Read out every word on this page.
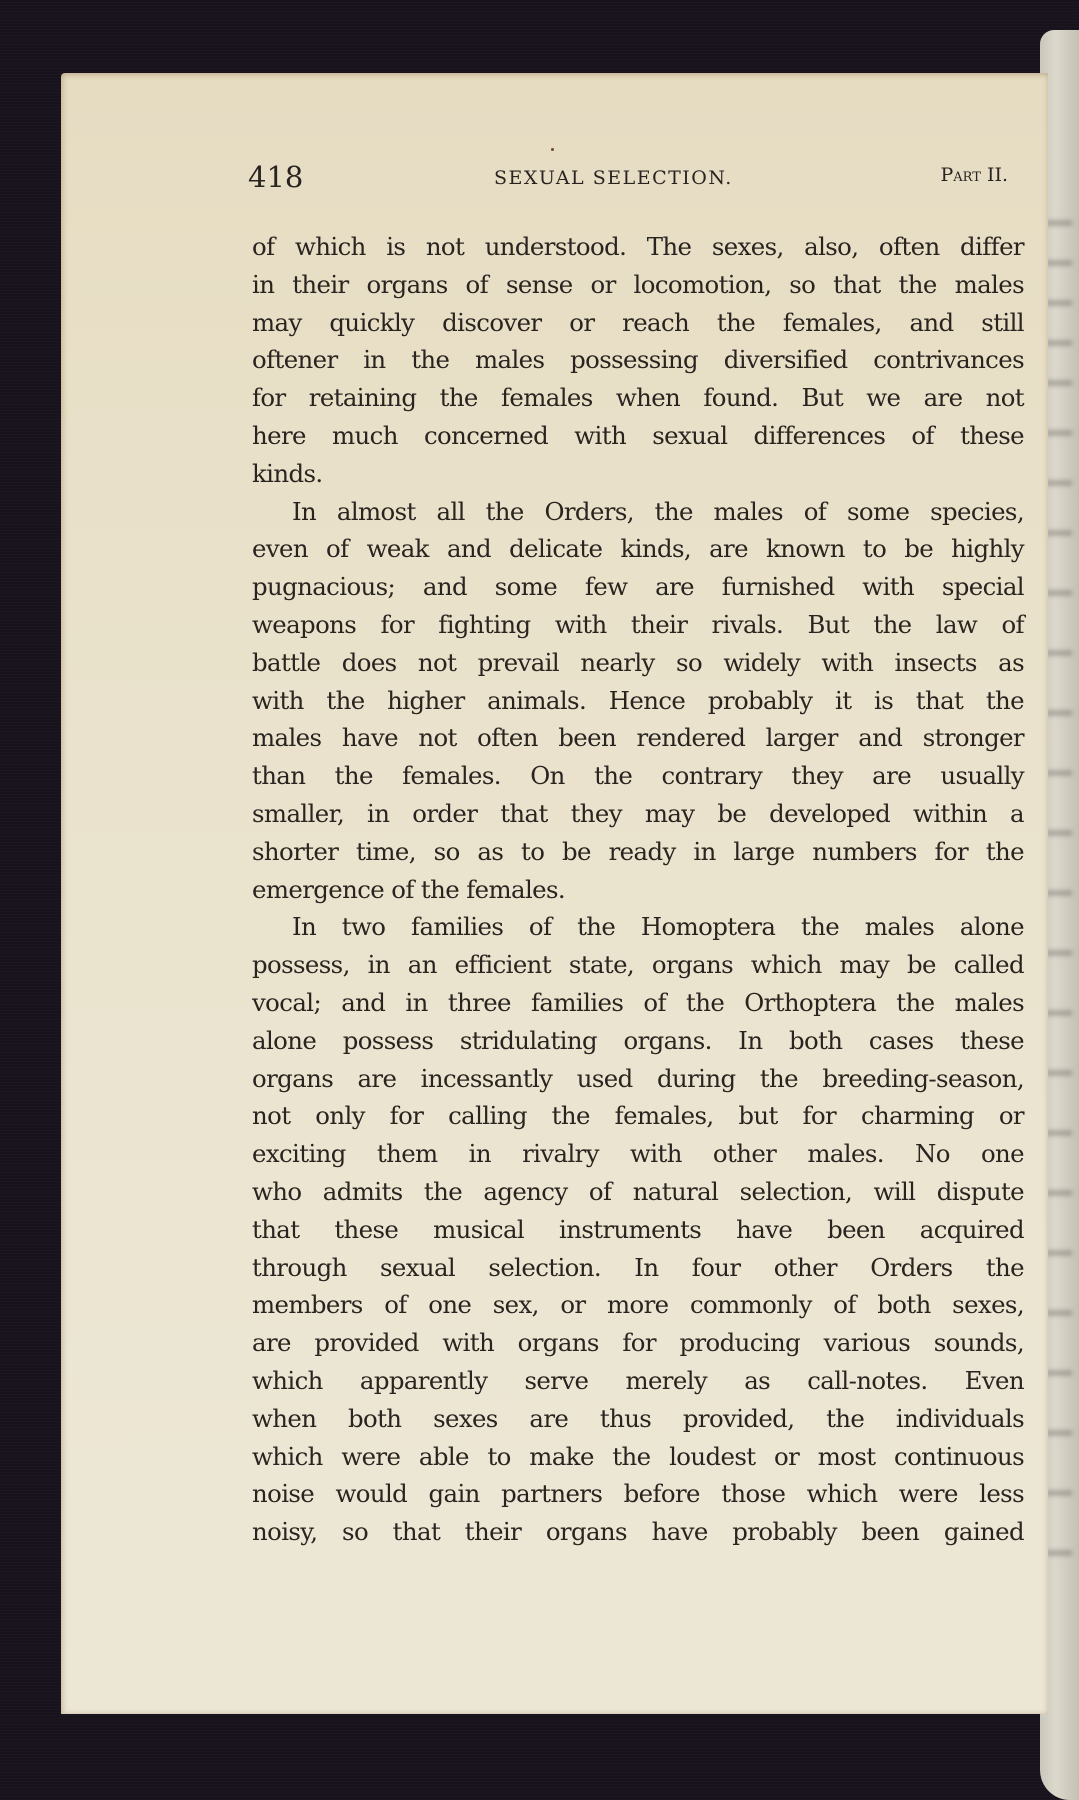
418	SEXUAL SELECTION.	Part II.
of which is not understood. The sexes, also, often differ
in their organs of sense or locomotion, so that the males
may quickly discover or reach the females, and still
oftener in the males possessing diversified contrivances
for retaining the females when found. But we are not
here much concerned with sexual differences of these
kinds.
In almost all the Orders, the males of some species,
even of weak and delicate kinds, are known to be highly
pugnacious; and some few are furnished with special
weapons for fighting with their rivals. But the law of
battle does not prevail nearly so widely with insects as
with the higher animals. Hence probably it is that the
males have not often been rendered larger and stronger
than the females. On the contrary they are usually
smaller, in order that they may be developed within a
shorter time, so as to be ready in large numbers for the
emergence of the females.
In two families of the Homoptera the males alone
possess, in an efficient state, organs which may be called
vocal; and in three families of the Orthoptera the males
alone possess stridulating organs. In both cases these
organs are incessantly used during the breeding-season,
not only for calling the females, but for charming or
exciting them in rivalry with other males. No one
who admits the agency of natural selection, will dispute
that these musical instruments have been acquired
through sexual selection. In four other Orders the
members of one sex, or more commonly of both sexes,
are provided with organs for producing various sounds,
which apparently serve merely as call-notes. Even
when both sexes are thus provided, the individuals
which were able to make the loudest or most continuous
noise would gain partners before those which were less
noisy, so that their organs have probably been gained
